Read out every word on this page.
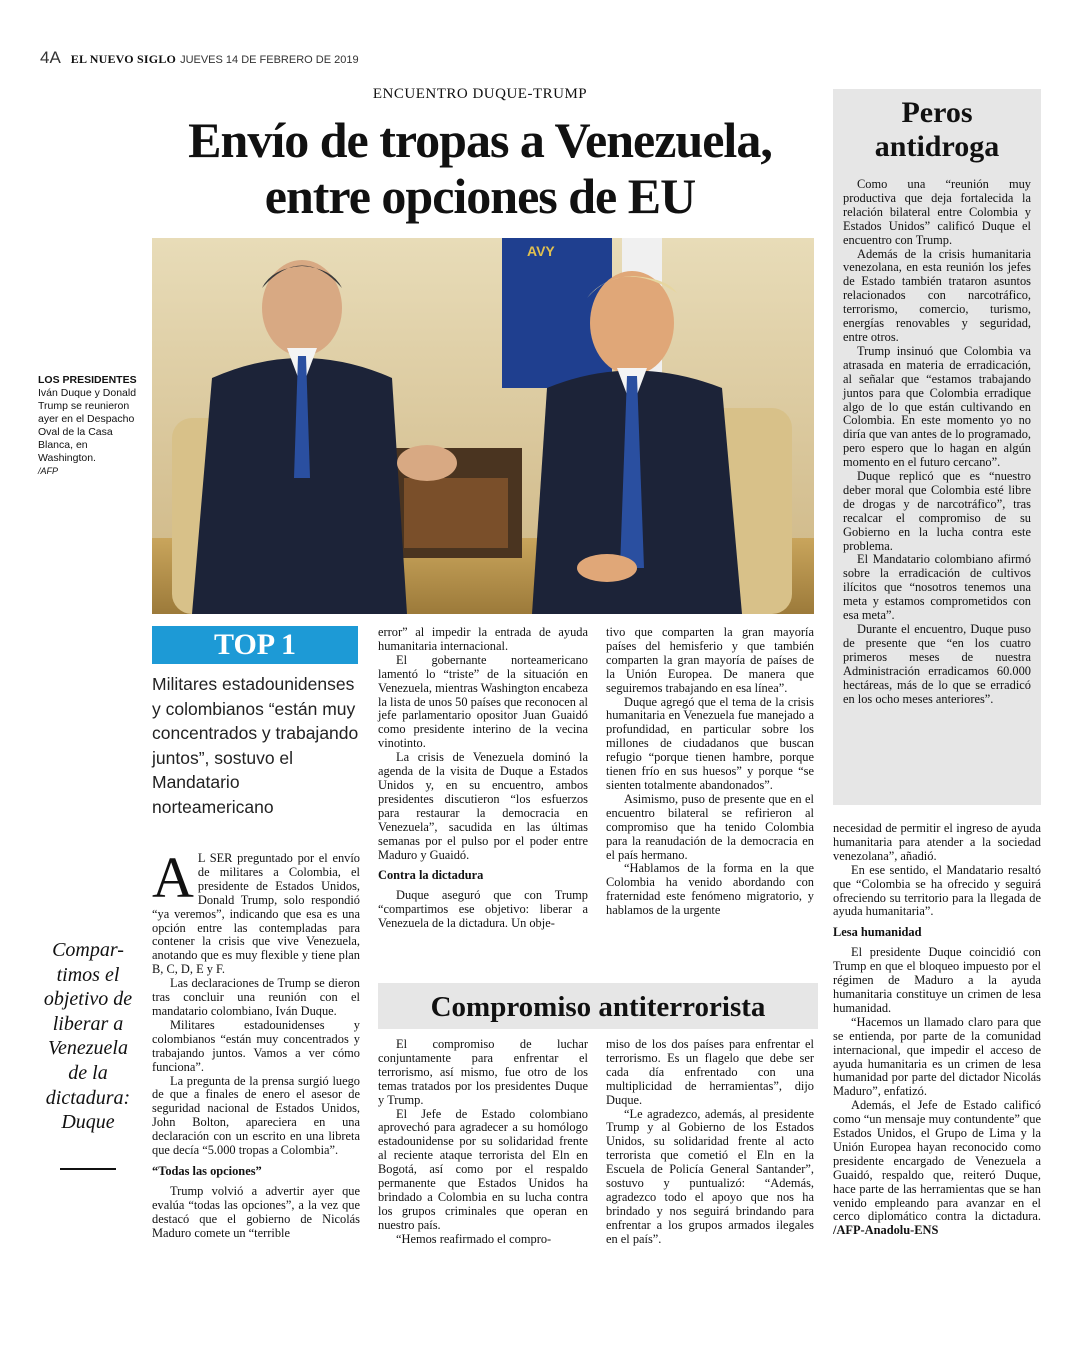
4A EL NUEVO SIGLO JUEVES 14 DE FEBRERO DE 2019
ENCUENTRO DUQUE-TRUMP
Envío de tropas a Venezuela,
entre opciones de EU
AVY
LOS PRESIDENTES
Iván Duque y Donald Trump se reunieron ayer en el Despacho Oval de la Casa Blanca, en Washington.
/AFP
TOP 1
Militares estadounidenses y colombianos “están muy concentrados y trabajando juntos”, sostuvo el Mandatario norteamericano
Compar-timos el objetivo de liberar a Venezuela de la dictadura: Duque

A L SER preguntado por el envío de militares a Colombia, el presidente de Estados Unidos, Donald Trump, solo respondió “ya veremos”, indicando que esa es una opción entre las contempladas para contener la crisis que vive Venezuela, anotando que es muy flexible y tiene plan B, C, D, E y F.

Las declaraciones de Trump se dieron tras concluir una reunión con el mandatario colombiano, Iván Duque.

Militares estadounidenses y colombianos “están muy concentrados y trabajando juntos. Vamos a ver cómo funciona”.

La pregunta de la prensa surgió luego de que a finales de enero el asesor de seguridad nacional de Estados Unidos, John Bolton, apareciera en una declaración con un escrito en una libreta que decía “5.000 tropas a Colombia”.

“Todas las opciones”

Trump volvió a advertir ayer que evalúa “todas las opciones”, a la vez que destacó que el gobierno de Nicolás Maduro comete un “terrible

error” al impedir la entrada de ayuda humanitaria internacional.

El gobernante norteamericano lamentó lo “triste” de la situación en Venezuela, mientras Washington encabeza la lista de unos 50 países que reconocen al jefe parlamentario opositor Juan Guaidó como presidente interino de la vecina vinotinto.

La crisis de Venezuela dominó la agenda de la visita de Duque a Estados Unidos y, en su encuentro, ambos presidentes discutieron “los esfuerzos para restaurar la democracia en Venezuela”, sacudida en las últimas semanas por el pulso por el poder entre Maduro y Guaidó.

Contra la dictadura

Duque aseguró que con Trump “compartimos ese objetivo: liberar a Venezuela de la dictadura. Un obje-

tivo que comparten la gran mayoría países del hemisferio y que también comparten la gran mayoría de países de la Unión Europea. De manera que seguiremos trabajando en esa línea”.

Duque agregó que el tema de la crisis humanitaria en Venezuela fue manejado a profundidad, en particular sobre los millones de ciudadanos que buscan refugio “porque tienen hambre, porque tienen frío en sus huesos” y porque “se sienten totalmente abandonados”.

Asimismo, puso de presente que en el encuentro bilateral se refirieron al compromiso que ha tenido Colombia para la reanudación de la democracia en el país hermano.

“Hablamos de la forma en la que Colombia ha venido abordando con fraternidad este fenómeno migratorio, y hablamos de la urgente

Peros
antidroga

Como una “reunión muy productiva que deja fortalecida la relación bilateral entre Colombia y Estados Unidos” calificó Duque el encuentro con Trump.

Además de la crisis humanitaria venezolana, en esta reunión los jefes de Estado también trataron asuntos relacionados con narcotráfico, terrorismo, comercio, turismo, energías renovables y seguridad, entre otros.

Trump insinuó que Colombia va atrasada en materia de erradicación, al señalar que “estamos trabajando juntos para que Colombia erradique algo de lo que están cultivando en Colombia. En este momento yo no diría que van antes de lo programado, pero espero que lo hagan en algún momento en el futuro cercano”.

Duque replicó que es “nuestro deber moral que Colombia esté libre de drogas y de narcotráfico”, tras recalcar el compromiso de su Gobierno en la lucha contra este problema.

El Mandatario colombiano afirmó sobre la erradicación de cultivos ilícitos que “nosotros tenemos una meta y estamos comprometidos con esa meta”.

Durante el encuentro, Duque puso de presente que “en los cuatro primeros meses de nuestra Administración erradicamos 60.000 hectáreas, más de lo que se erradicó en los ocho meses anteriores”.

necesidad de permitir el ingreso de ayuda humanitaria para atender a la sociedad venezolana”, añadió.

En ese sentido, el Mandatario resaltó que “Colombia se ha ofrecido y seguirá ofreciendo su territorio para la llegada de ayuda humanitaria”.

Lesa humanidad

El presidente Duque coincidió con Trump en que el bloqueo impuesto por el régimen de Maduro a la ayuda humanitaria constituye un crimen de lesa humanidad.

“Hacemos un llamado claro para que se entienda, por parte de la comunidad internacional, que impedir el acceso de ayuda humanitaria es un crimen de lesa humanidad por parte del dictador Nicolás Maduro”, enfatizó.

Además, el Jefe de Estado calificó como “un mensaje muy contundente” que Estados Unidos, el Grupo de Lima y la Unión Europea hayan reconocido como presidente encargado de Venezuela a Guaidó, respaldo que, reiteró Duque, hace parte de las herramientas que se han venido empleando para avanzar en el cerco diplomático contra la dictadura. /AFP-Anadolu-ENS

Compromiso antiterrorista

El compromiso de luchar conjuntamente para enfrentar el terrorismo, así mismo, fue otro de los temas tratados por los presidentes Duque y Trump.

El Jefe de Estado colombiano aprovechó para agradecer a su homólogo estadounidense por su solidaridad frente al reciente ataque terrorista del Eln en Bogotá, así como por el respaldo permanente que Estados Unidos ha brindado a Colombia en su lucha contra los grupos criminales que operan en nuestro país.

“Hemos reafirmado el compro-

miso de los dos países para enfrentar el terrorismo. Es un flagelo que debe ser cada día enfrentado con una multiplicidad de herramientas”, dijo Duque.

“Le agradezco, además, al presidente Trump y al Gobierno de los Estados Unidos, su solidaridad frente al acto terrorista que cometió el Eln en la Escuela de Policía General Santander”, sostuvo y puntualizó: “Además, agradezco todo el apoyo que nos ha brindado y nos seguirá brindando para enfrentar a los grupos armados ilegales en el país”.
